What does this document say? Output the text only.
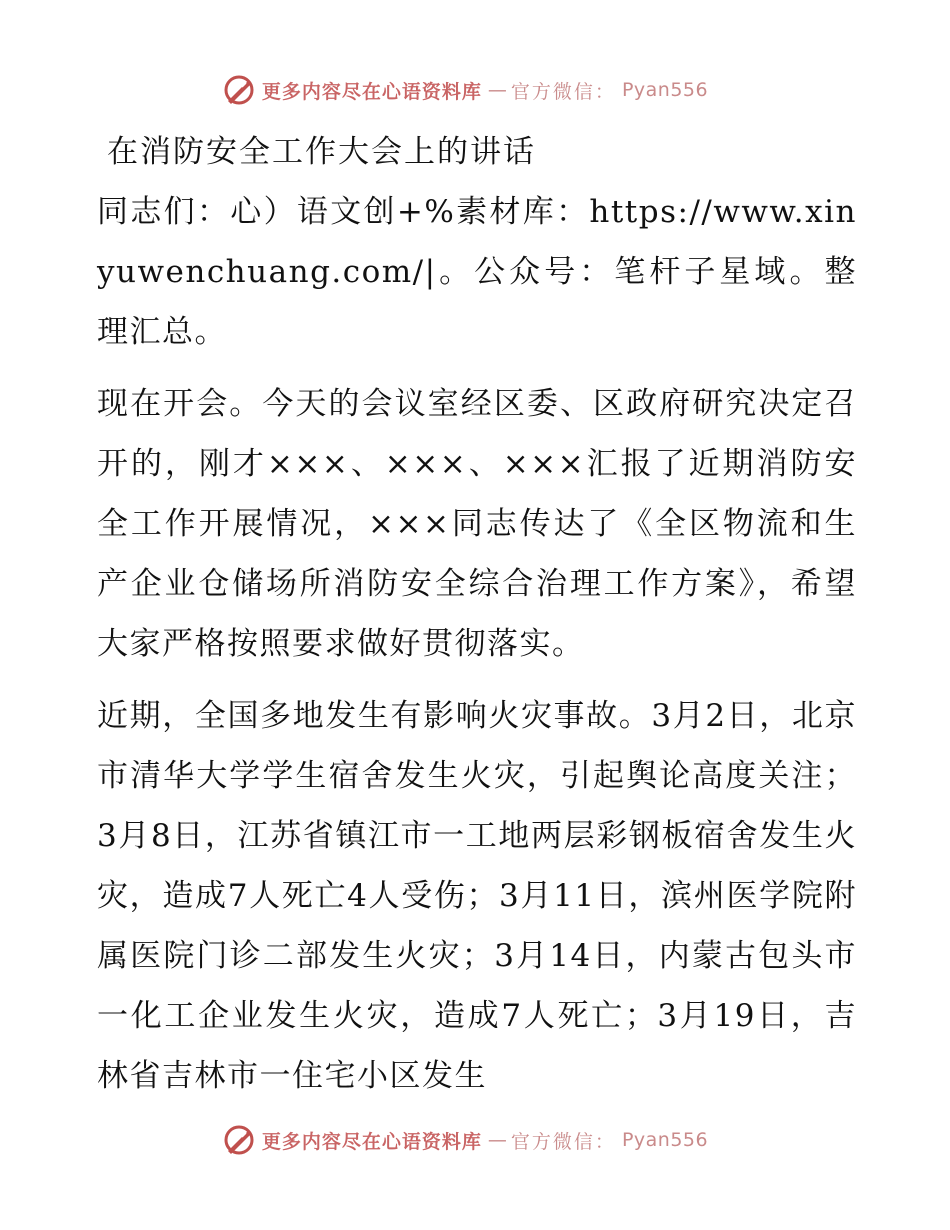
更多内容尽在心语资料库 — 官方微信： Pyan556
在消防安全工作大会上的讲话

同志们：心）语文创+%素材库：https://www.xinyuwenchuang.com/|。公众号：笔杆子星域。整理汇总。

现在开会。今天的会议室经区委、区政府研究决定召开的，刚才×××、×××、×××汇报了近期消防安全工作开展情况，×××同志传达了《全区物流和生产企业仓储场所消防安全综合治理工作方案》，希望大家严格按照要求做好贯彻落实。

近期，全国多地发生有影响火灾事故。3月2日，北京市清华大学学生宿舍发生火灾，引起舆论高度关注；3月8日，江苏省镇江市一工地两层彩钢板宿舍发生火灾，造成7人死亡4人受伤；3月11日，滨州医学院附属医院门诊二部发生火灾；3月14日，内蒙古包头市一化工企业发生火灾，造成7人死亡；3月19日，吉林省吉林市一住宅小区发生

更多内容尽在心语资料库 — 官方微信： Pyan556
